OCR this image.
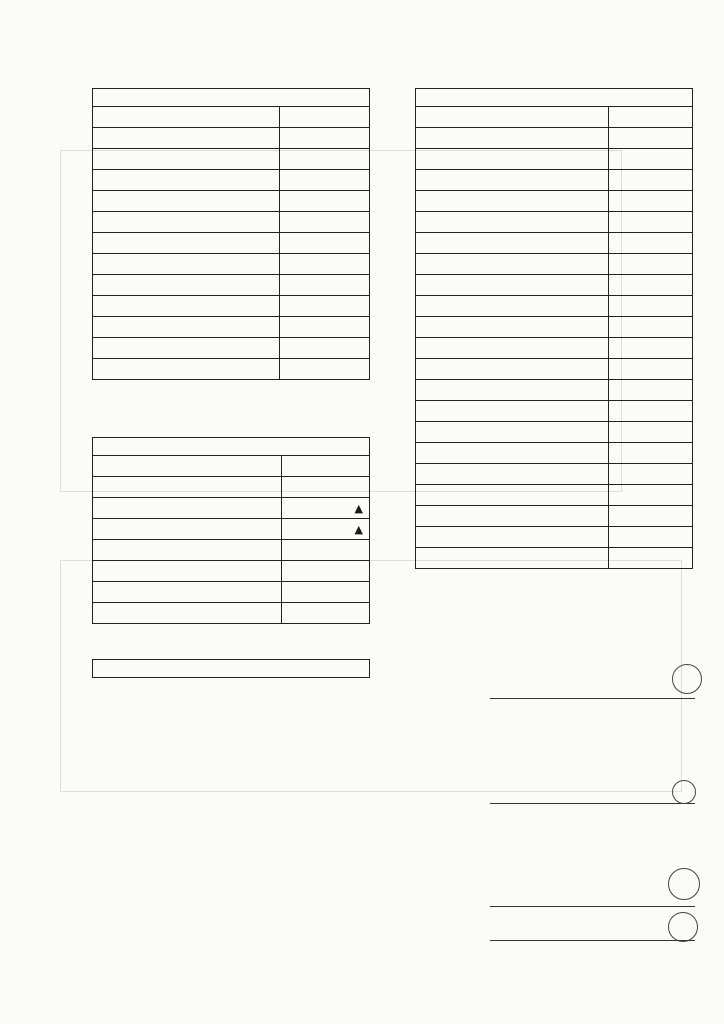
	▲
	▲
